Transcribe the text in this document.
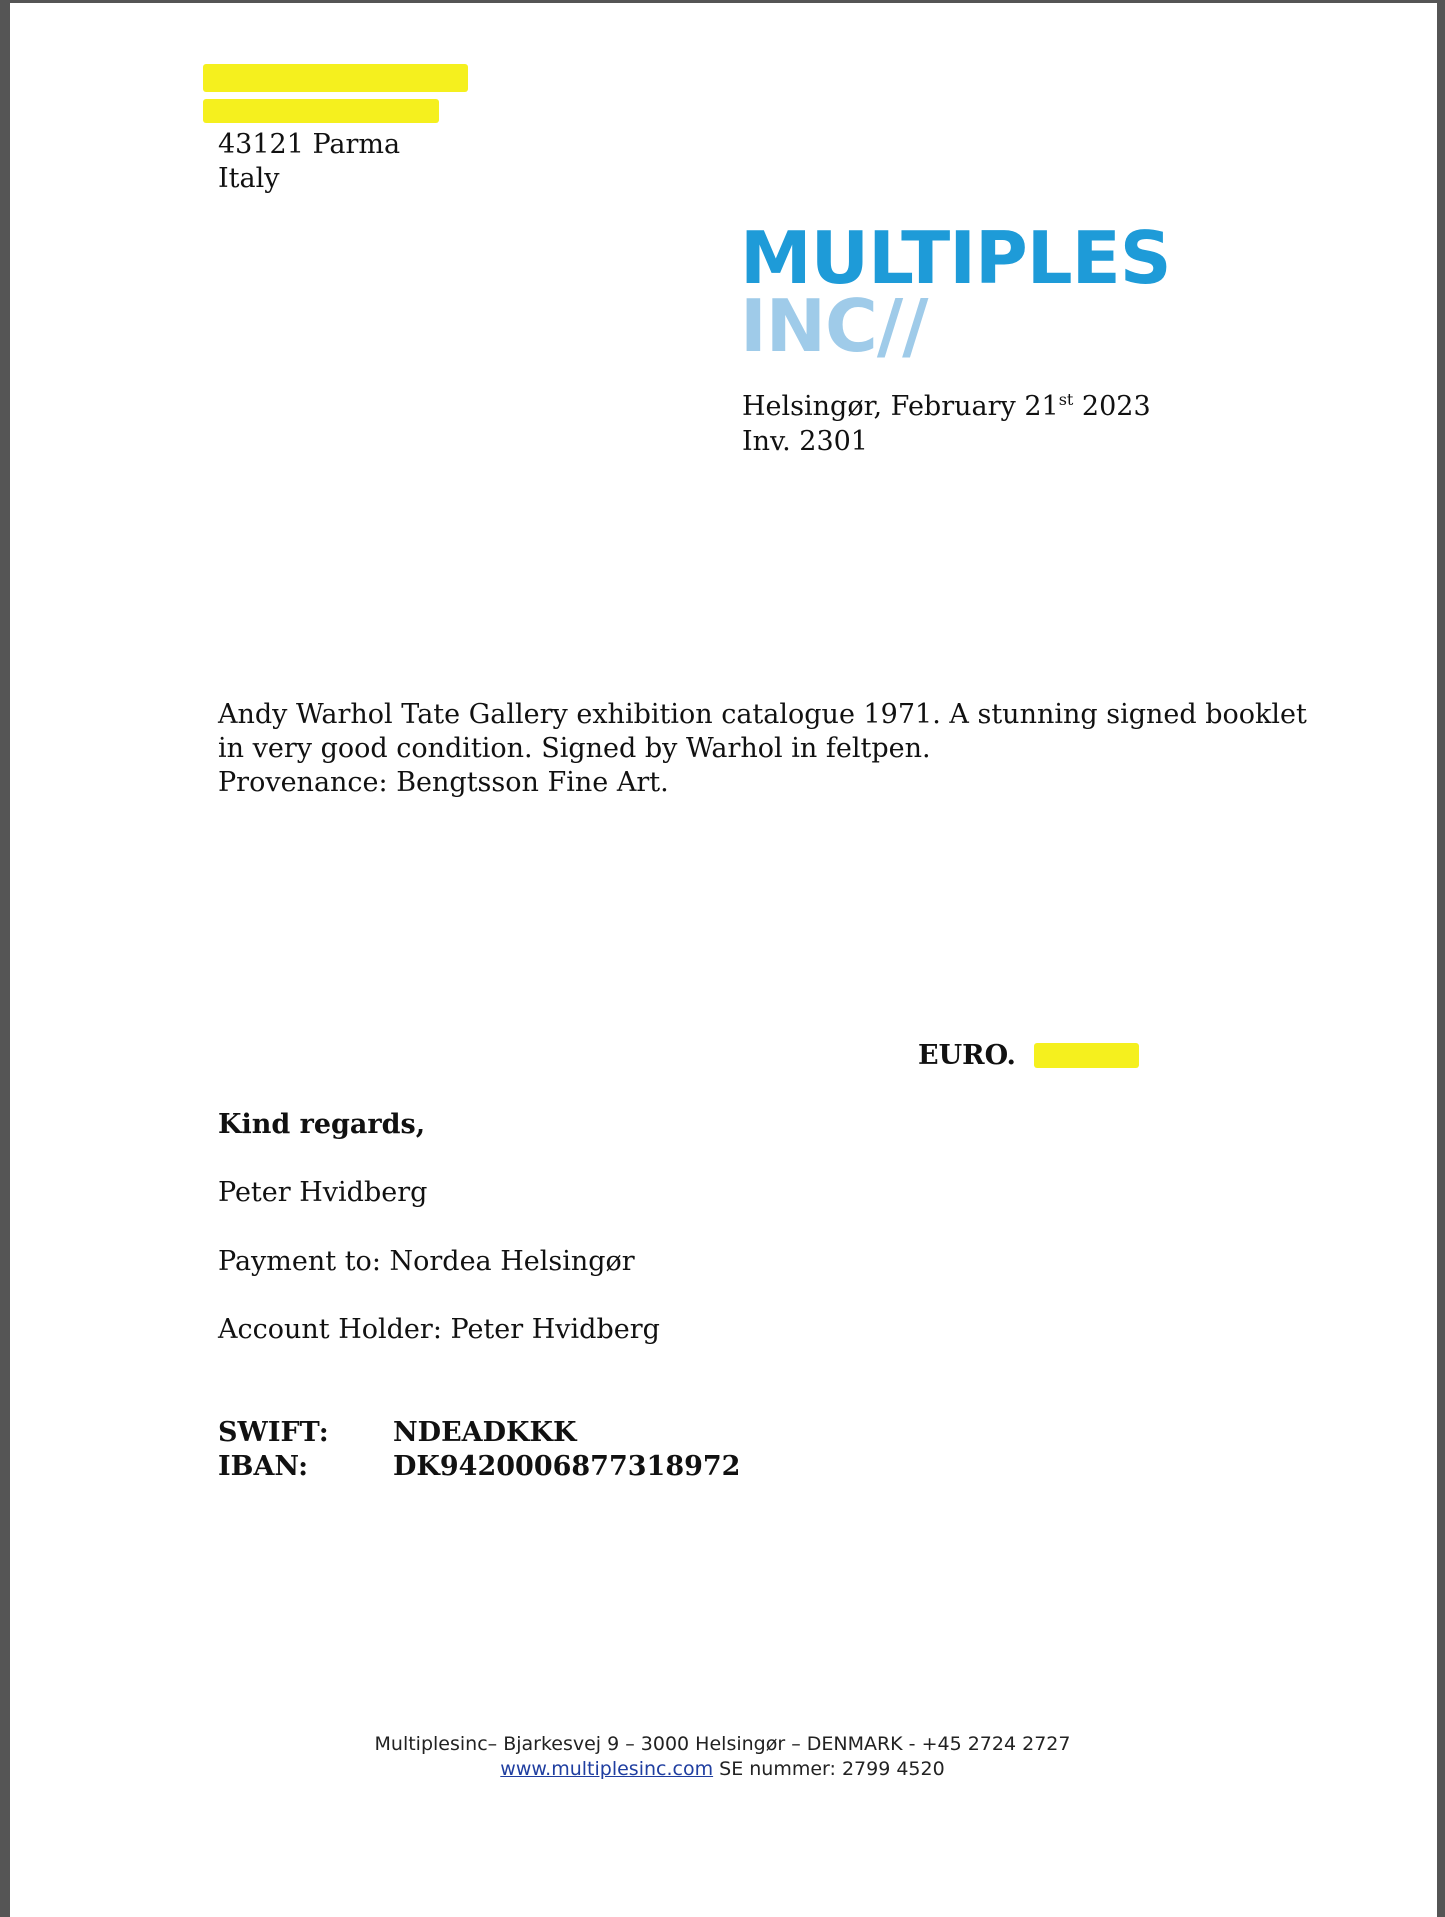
43121 Parma
Italy
MULTIPLES
INC//
Helsingør, February 21st 2023
Inv. 2301
Andy Warhol Tate Gallery exhibition catalogue 1971. A stunning signed booklet
in very good condition. Signed by Warhol in feltpen.
Provenance: Bengtsson Fine Art.
EURO.
Kind regards,
Peter Hvidberg
Payment to: Nordea Helsingør
Account Holder: Peter Hvidberg
SWIFT: NDEADKKK
IBAN:	DK9420006877318972
Multiplesinc– Bjarkesvej 9 – 3000 Helsingør – DENMARK - +45 2724 2727
www.multiplesinc.com SE nummer: 2799 4520
